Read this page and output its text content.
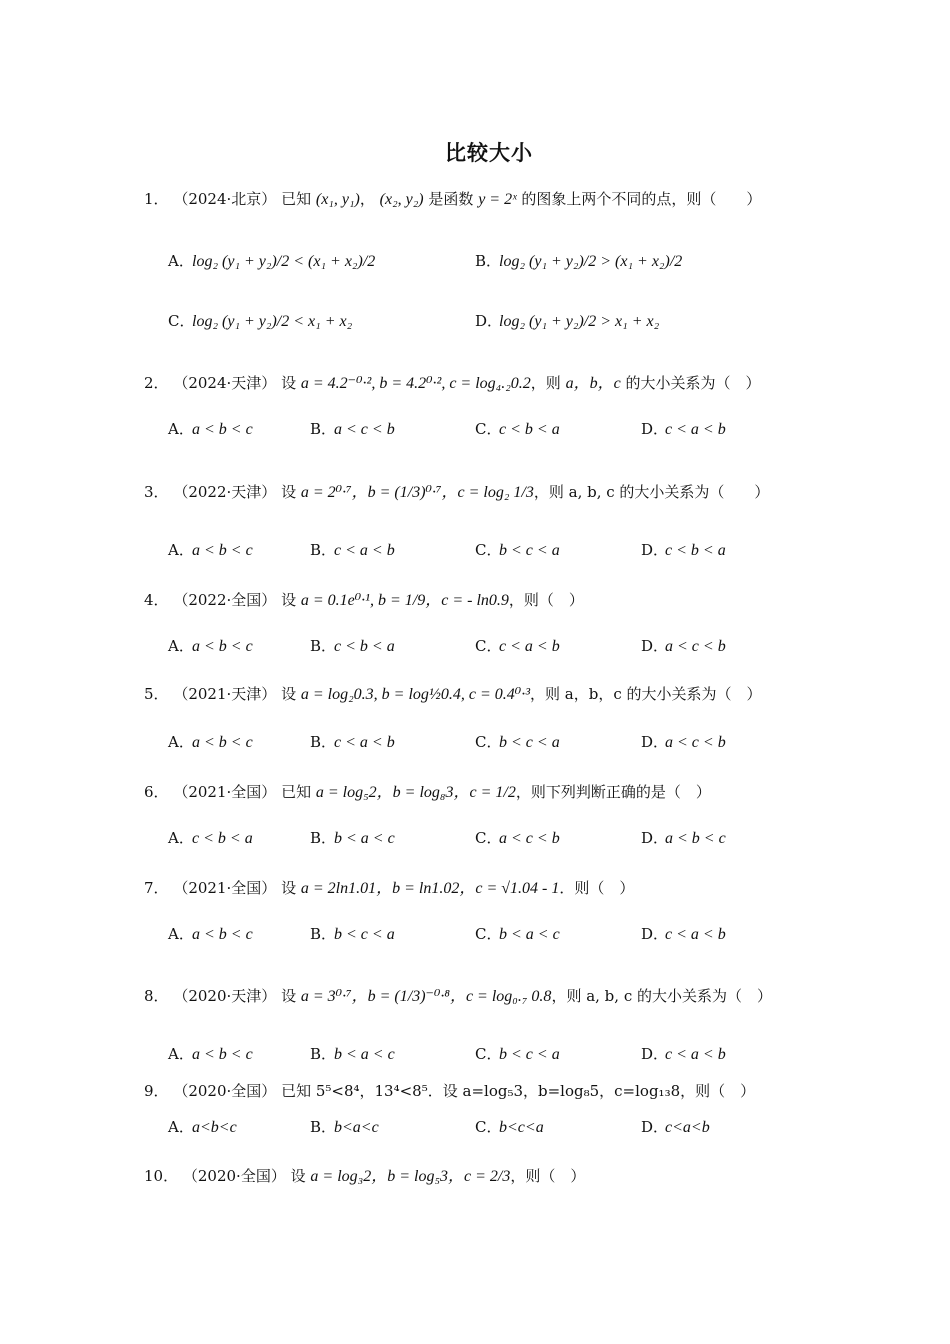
比较大小
1． （2024·北京） 已知 (x₁, y₁)， (x₂, y₂) 是函数 y = 2ˣ 的图象上两个不同的点，则（　　）
A．log₂ (y₁ + y₂)/2 < (x₁ + x₂)/2	B．log₂ (y₁ + y₂)/2 > (x₁ + x₂)/2
C．log₂ (y₁ + y₂)/2 < x₁ + x₂	D．log₂ (y₁ + y₂)/2 > x₁ + x₂
2． （2024·天津） 设 a = 4.2⁻⁰·², b = 4.2⁰·², c = log₄.₂0.2，则 a，b，c 的大小关系为（　）
A．a < b < c	B．a < c < b	C．c < b < a	D．c < a < b
3． （2022·天津） 设 a = 2⁰·⁷，b = (1/3)⁰·⁷，c = log₂ 1/3，则 a, b, c 的大小关系为（　　）
A．a < b < c	B．c < a < b	C．b < c < a	D．c < b < a
4． （2022·全国） 设 a = 0.1e⁰·¹, b = 1/9，c = - ln0.9，则（　）
A．a < b < c	B．c < b < a	C．c < a < b	D．a < c < b
5． （2021·天津） 设 a = log₂0.3, b = log½0.4, c = 0.4⁰·³，则 a，b，c 的大小关系为（　）
A．a < b < c	B．c < a < b	C．b < c < a	D．a < c < b
6． （2021·全国） 已知 a = log₅2，b = log₈3，c = 1/2，则下列判断正确的是（　）
A．c < b < a	B．b < a < c	C．a < c < b	D．a < b < c
7． （2021·全国） 设 a = 2ln1.01，b = ln1.02，c = √1.04 - 1．则（　）
A．a < b < c	B．b < c < a	C．b < a < c	D．c < a < b
8． （2020·天津） 设 a = 3⁰·⁷，b = (1/3)⁻⁰·⁸，c = log₀.₇ 0.8，则 a, b, c 的大小关系为（　）
A．a < b < c	B．b < a < c	C．b < c < a	D．c < a < b
9． （2020·全国） 已知 5⁵<8⁴，13⁴<8⁵．设 a=log₅3，b=log₈5，c=log₁₃8，则（　）
A．a<b<c	B．b<a<c	C．b<c<a	D．c<a<b
10． （2020·全国） 设 a = log₃2，b = log₅3，c = 2/3，则（　）
